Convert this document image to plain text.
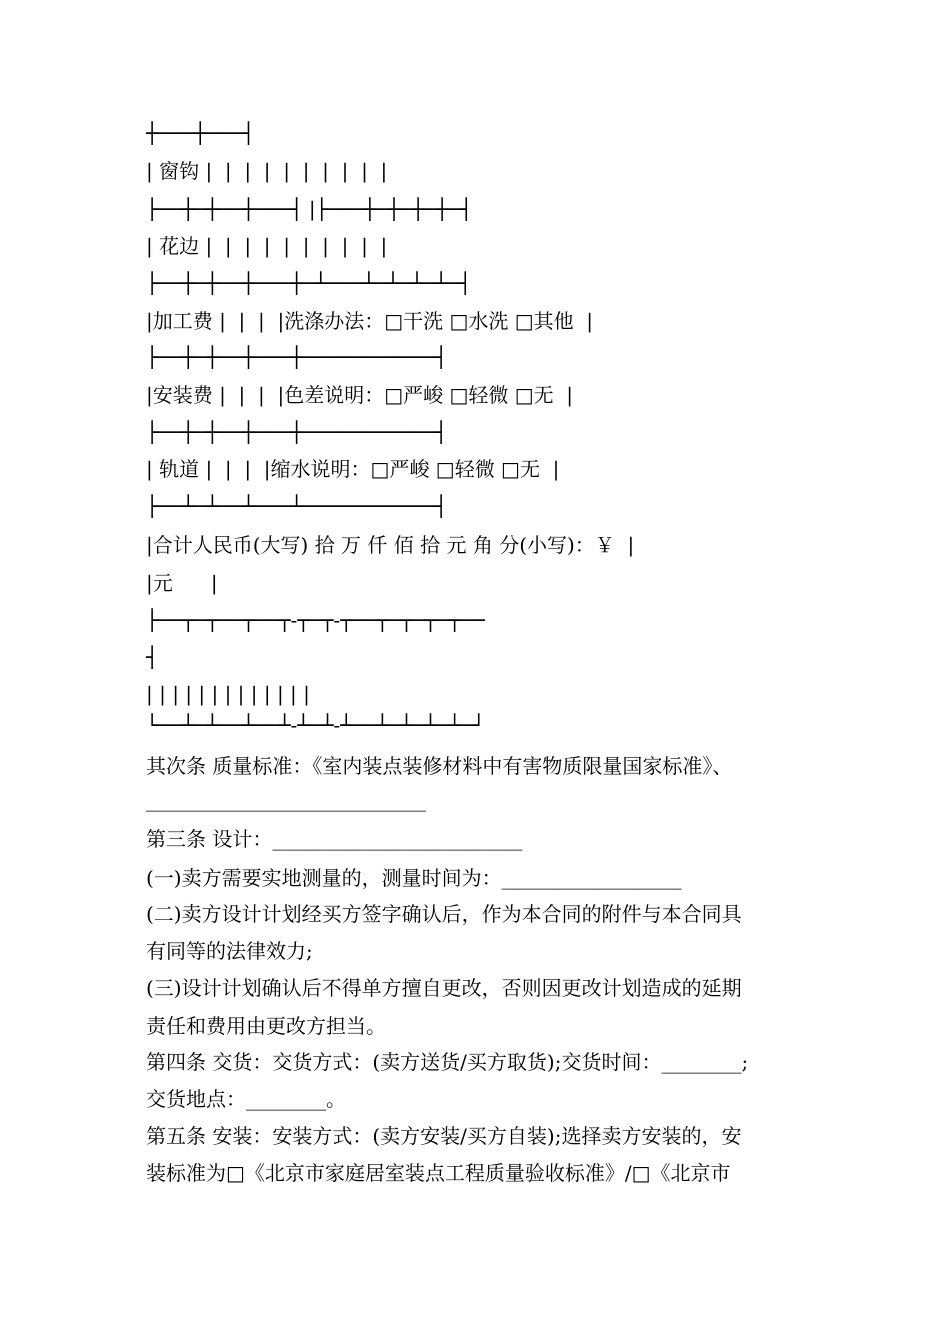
┼───┼───┤
| 窗钩 |  |  |  |  |  |  |  |  |  |
├──┼─┼──┼───┤ |├───┼─┼─┼─┼─┤
| 花边 |  |  |  |  |  |  |  |  |  |
├──┼─┼──┼───┼─┴───┴─┴─┴─┴─┤
|加工费 |  |  |  |洗涤办法：□干洗 □水洗 □其他  |
├──┼─┼──┼───┼───────────┤
|安装费 |  |  |  |色差说明：□严峻 □轻微 □无  |
├──┼─┼──┼───┼───────────┤
| 轨道 |  |  |  |缩水说明：□严峻 □轻微 □无  |
├──┴─┴──┴───┴───────────┤
|合计人民币(大写) 拾 万 仟 佰 拾 元 角 分(小写)：￥  |
|元      |
├──┬─┬──┬──┬-┬─┬-┬──┬─┬─┬─┬──
┤
| | | | | | | | | | | | |
└──┴─┴──┴──┴-┴─┴-┴──┴─┴─┴─┴─┘
其次条 质量标准：《室内装点装修材料中有害物质限量国家标准》、
____________________________
第三条 设计：_________________________
(一)卖方需要实地测量的，测量时间为：__________________
(二)卖方设计计划经买方签字确认后，作为本合同的附件与本合同具
有同等的法律效力;
(三)设计计划确认后不得单方擅自更改，否则因更改计划造成的延期
责任和费用由更改方担当。
第四条 交货：交货方式：(卖方送货/买方取货);交货时间：________;
交货地点：________。
第五条 安装：安装方式：(卖方安装/买方自装);选择卖方安装的，安
装标准为□《北京市家庭居室装点工程质量验收标准》/□《北京市
